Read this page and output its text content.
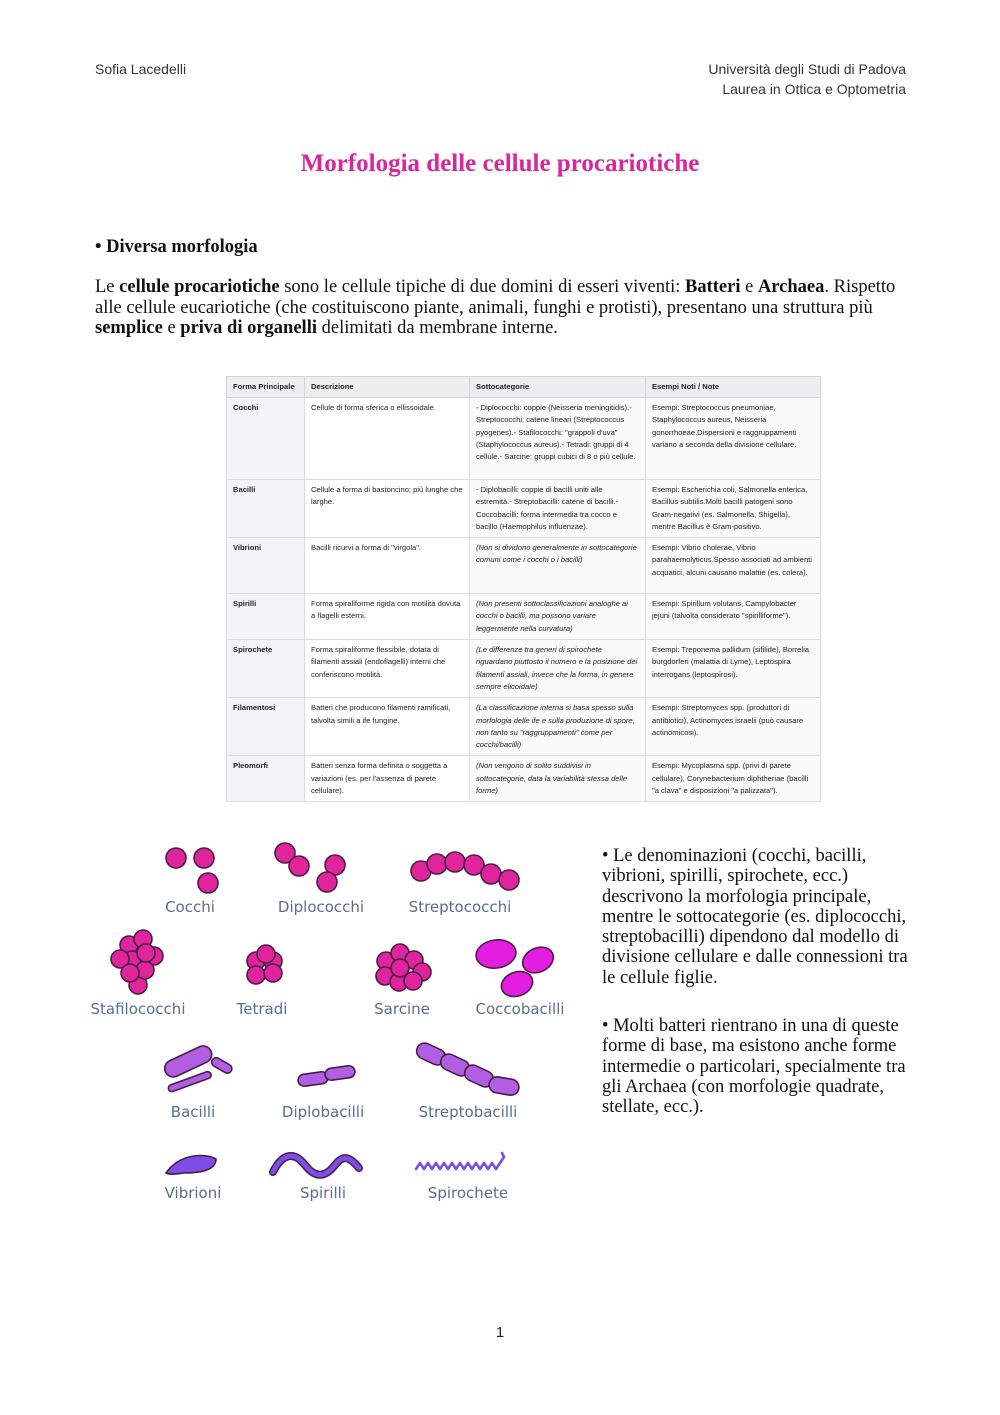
Sofia Lacedelli	Università degli Studi di Padova
Laurea in Ottica e Optometria
Morfologia delle cellule procariotiche
• Diversa morfologia
Le cellule procariotiche sono le cellule tipiche di due domini di esseri viventi: Batteri e Archaea. Rispetto alle cellule eucariotiche (che costituiscono piante, animali, funghi e protisti), presentano una struttura più semplice e priva di organelli delimitati da membrane interne.
Forma Principale	Descrizione	Sottocategorie	Esempi Noti / Note
Cocchi	Cellule di forma sferica o ellissoidale.	- Diplococchi: coppie (Neisseria meningitidis).- Streptococchi: catene lineari (Streptococcus pyogenes).- Stafilococchi: "grappoli d'uva" (Staphylococcus aureus).- Tetradi: gruppi di 4 cellule.- Sarcine: gruppi cubici di 8 o più cellule.	Esempi: Streptococcus pneumoniae, Staphylococcus aureus, Neisseria gonorrhoeae.Dispersioni e raggruppamenti variano a seconda della divisione cellulare.
Bacilli	Cellule a forma di bastoncino; più lunghe che larghe.	- Diplobacilli: coppie di bacilli uniti alle estremità.- Streptobacilli: catene di bacilli.- Coccobacilli: forma intermedia tra cocco e bacillo (Haemophilus influenzae).	Esempi: Escherichia coli, Salmonella enterica, Bacillus subtilis.Molti bacilli patogeni sono Gram-negativi (es. Salmonella, Shigella), mentre Bacillus è Gram-positivo.
Vibrioni	Bacilli ricurvi a forma di "virgola".	(Non si dividono generalmente in sottocategorie comuni come i cocchi o i bacilli)	Esempi: Vibrio cholerae, Vibrio parahaemolyticus.Spesso associati ad ambienti acquatici, alcuni causano malattie (es. colera).
Spirilli	Forma spiraliforme rigida con motilità dovuta a flagelli esterni.	(Non presenti sottoclassificazioni analoghe ai cocchi o bacilli, ma possono variare leggermente nella curvatura)	Esempi: Spirillum volutans, Campylobacter jejuni (talvolta considerato "spirilliforme").
Spirochete	Forma spiraliforme flessibile, dotata di filamenti assiali (endoflagelli) interni che conferiscono motilità.	(Le differenze tra generi di spirochete riguardano piuttosto il numero e la posizione dei filamenti assiali, invece che la forma, in genere sempre elicoidale)	Esempi: Treponema pallidum (sifilide), Borrelia burgdorferi (malattia di Lyme), Leptospira interrogans (leptospirosi).
Filamentosi	Batteri che producono filamenti ramificati, talvolta simili a ife fungine.	(La classificazione interna si basa spesso sulla morfologia delle ife e sulla produzione di spore, non tanto su "raggruppamenti" come per cocchi/bacilli)	Esempi: Streptomyces spp. (produttori di antibiotici), Actinomyces israelii (può causare actinomicosi).
Pleomorfi	Batteri senza forma definita o soggetta a variazioni (es. per l'assenza di parete cellulare).	(Non vengono di solito suddivisi in sottocategorie, data la variabilità stessa delle forme)	Esempi: Mycoplasma spp. (privi di parete cellulare), Corynebacterium diphtheriae (bacilli "a clava" e disposizioni "a palizzata").
Cocchi	Diplococchi	Streptococchi
Stafilococchi	Tetradi	Sarcine	Coccobacilli
Bacilli	Diplobacilli	Streptobacilli
Vibrioni	Spirilli	Spirochete

• Le denominazioni (cocchi, bacilli, vibrioni, spirilli, spirochete, ecc.) descrivono la morfologia principale, mentre le sottocategorie (es. diplococchi, streptobacilli) dipendono dal modello di divisione cellulare e dalle connessioni tra le cellule figlie.

• Molti batteri rientrano in una di queste forme di base, ma esistono anche forme intermedie o particolari, specialmente tra gli Archaea (con morfologie quadrate, stellate, ecc.).

1
